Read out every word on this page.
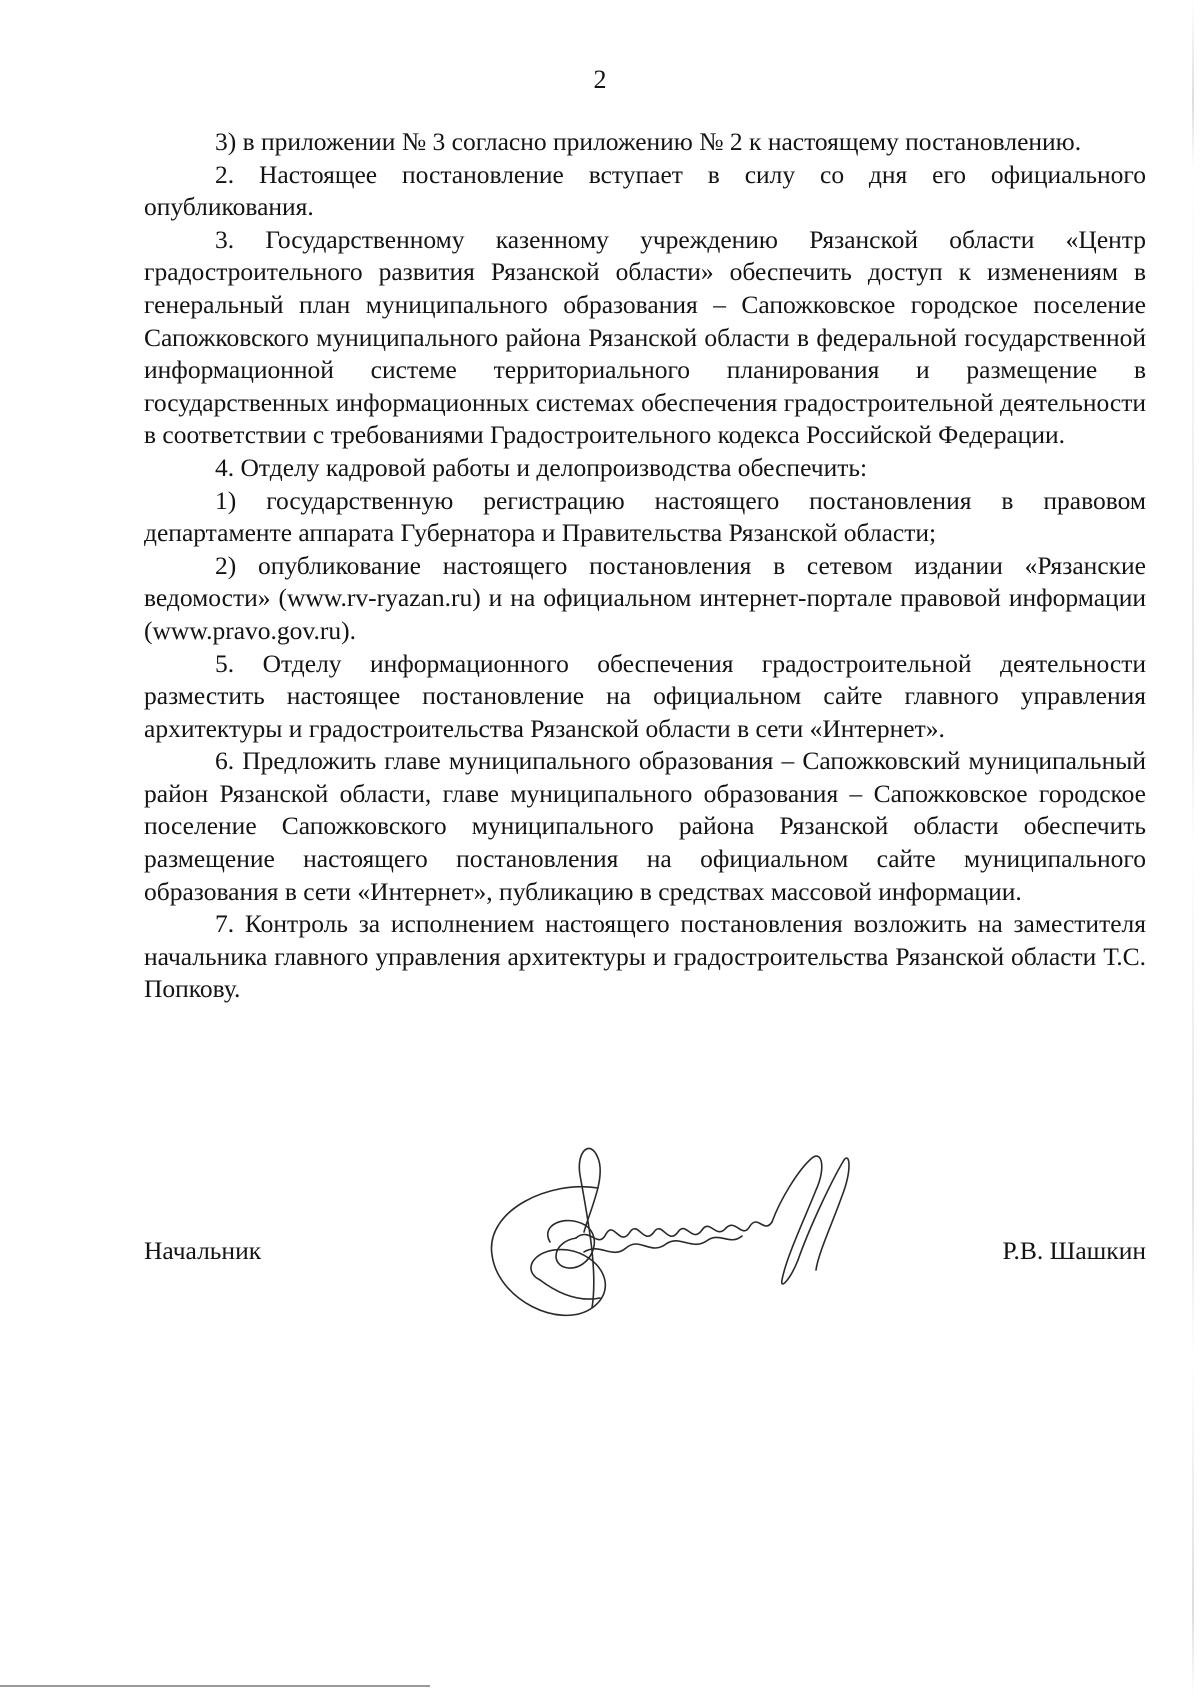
2

3) в приложении № 3 согласно приложению № 2 к настоящему постановлению.

2. Настоящее постановление вступает в силу со дня его официального опубликования.

3. Государственному казенному учреждению Рязанской области «Центр градостроительного развития Рязанской области» обеспечить доступ к изменениям в генеральный план муниципального образования – Сапожковское городское поселение Сапожковского муниципального района Рязанской области в федеральной государственной информационной системе территориального планирования и размещение в государственных информационных системах обеспечения градостроительной деятельности в соответствии с требованиями Градостроительного кодекса Российской Федерации.

4. Отделу кадровой работы и делопроизводства обеспечить:

1) государственную регистрацию настоящего постановления в правовом департаменте аппарата Губернатора и Правительства Рязанской области;

2) опубликование настоящего постановления в сетевом издании «Рязанские ведомости» (www.rv-ryazan.ru) и на официальном интернет-портале правовой информации (www.pravo.gov.ru).

5. Отделу информационного обеспечения градостроительной деятельности разместить настоящее постановление на официальном сайте главного управления архитектуры и градостроительства Рязанской области в сети «Интернет».

6. Предложить главе муниципального образования – Сапожковский муниципальный район Рязанской области, главе муниципального образования – Сапожковское городское поселение Сапожковского муниципального района Рязанской области обеспечить размещение настоящего постановления на официальном сайте муниципального образования в сети «Интернет», публикацию в средствах массовой информации.

7. Контроль за исполнением настоящего постановления возложить на заместителя начальника главного управления архитектуры и градостроительства Рязанской области Т.С. Попкову.

Начальник	Р.В. Шашкин
